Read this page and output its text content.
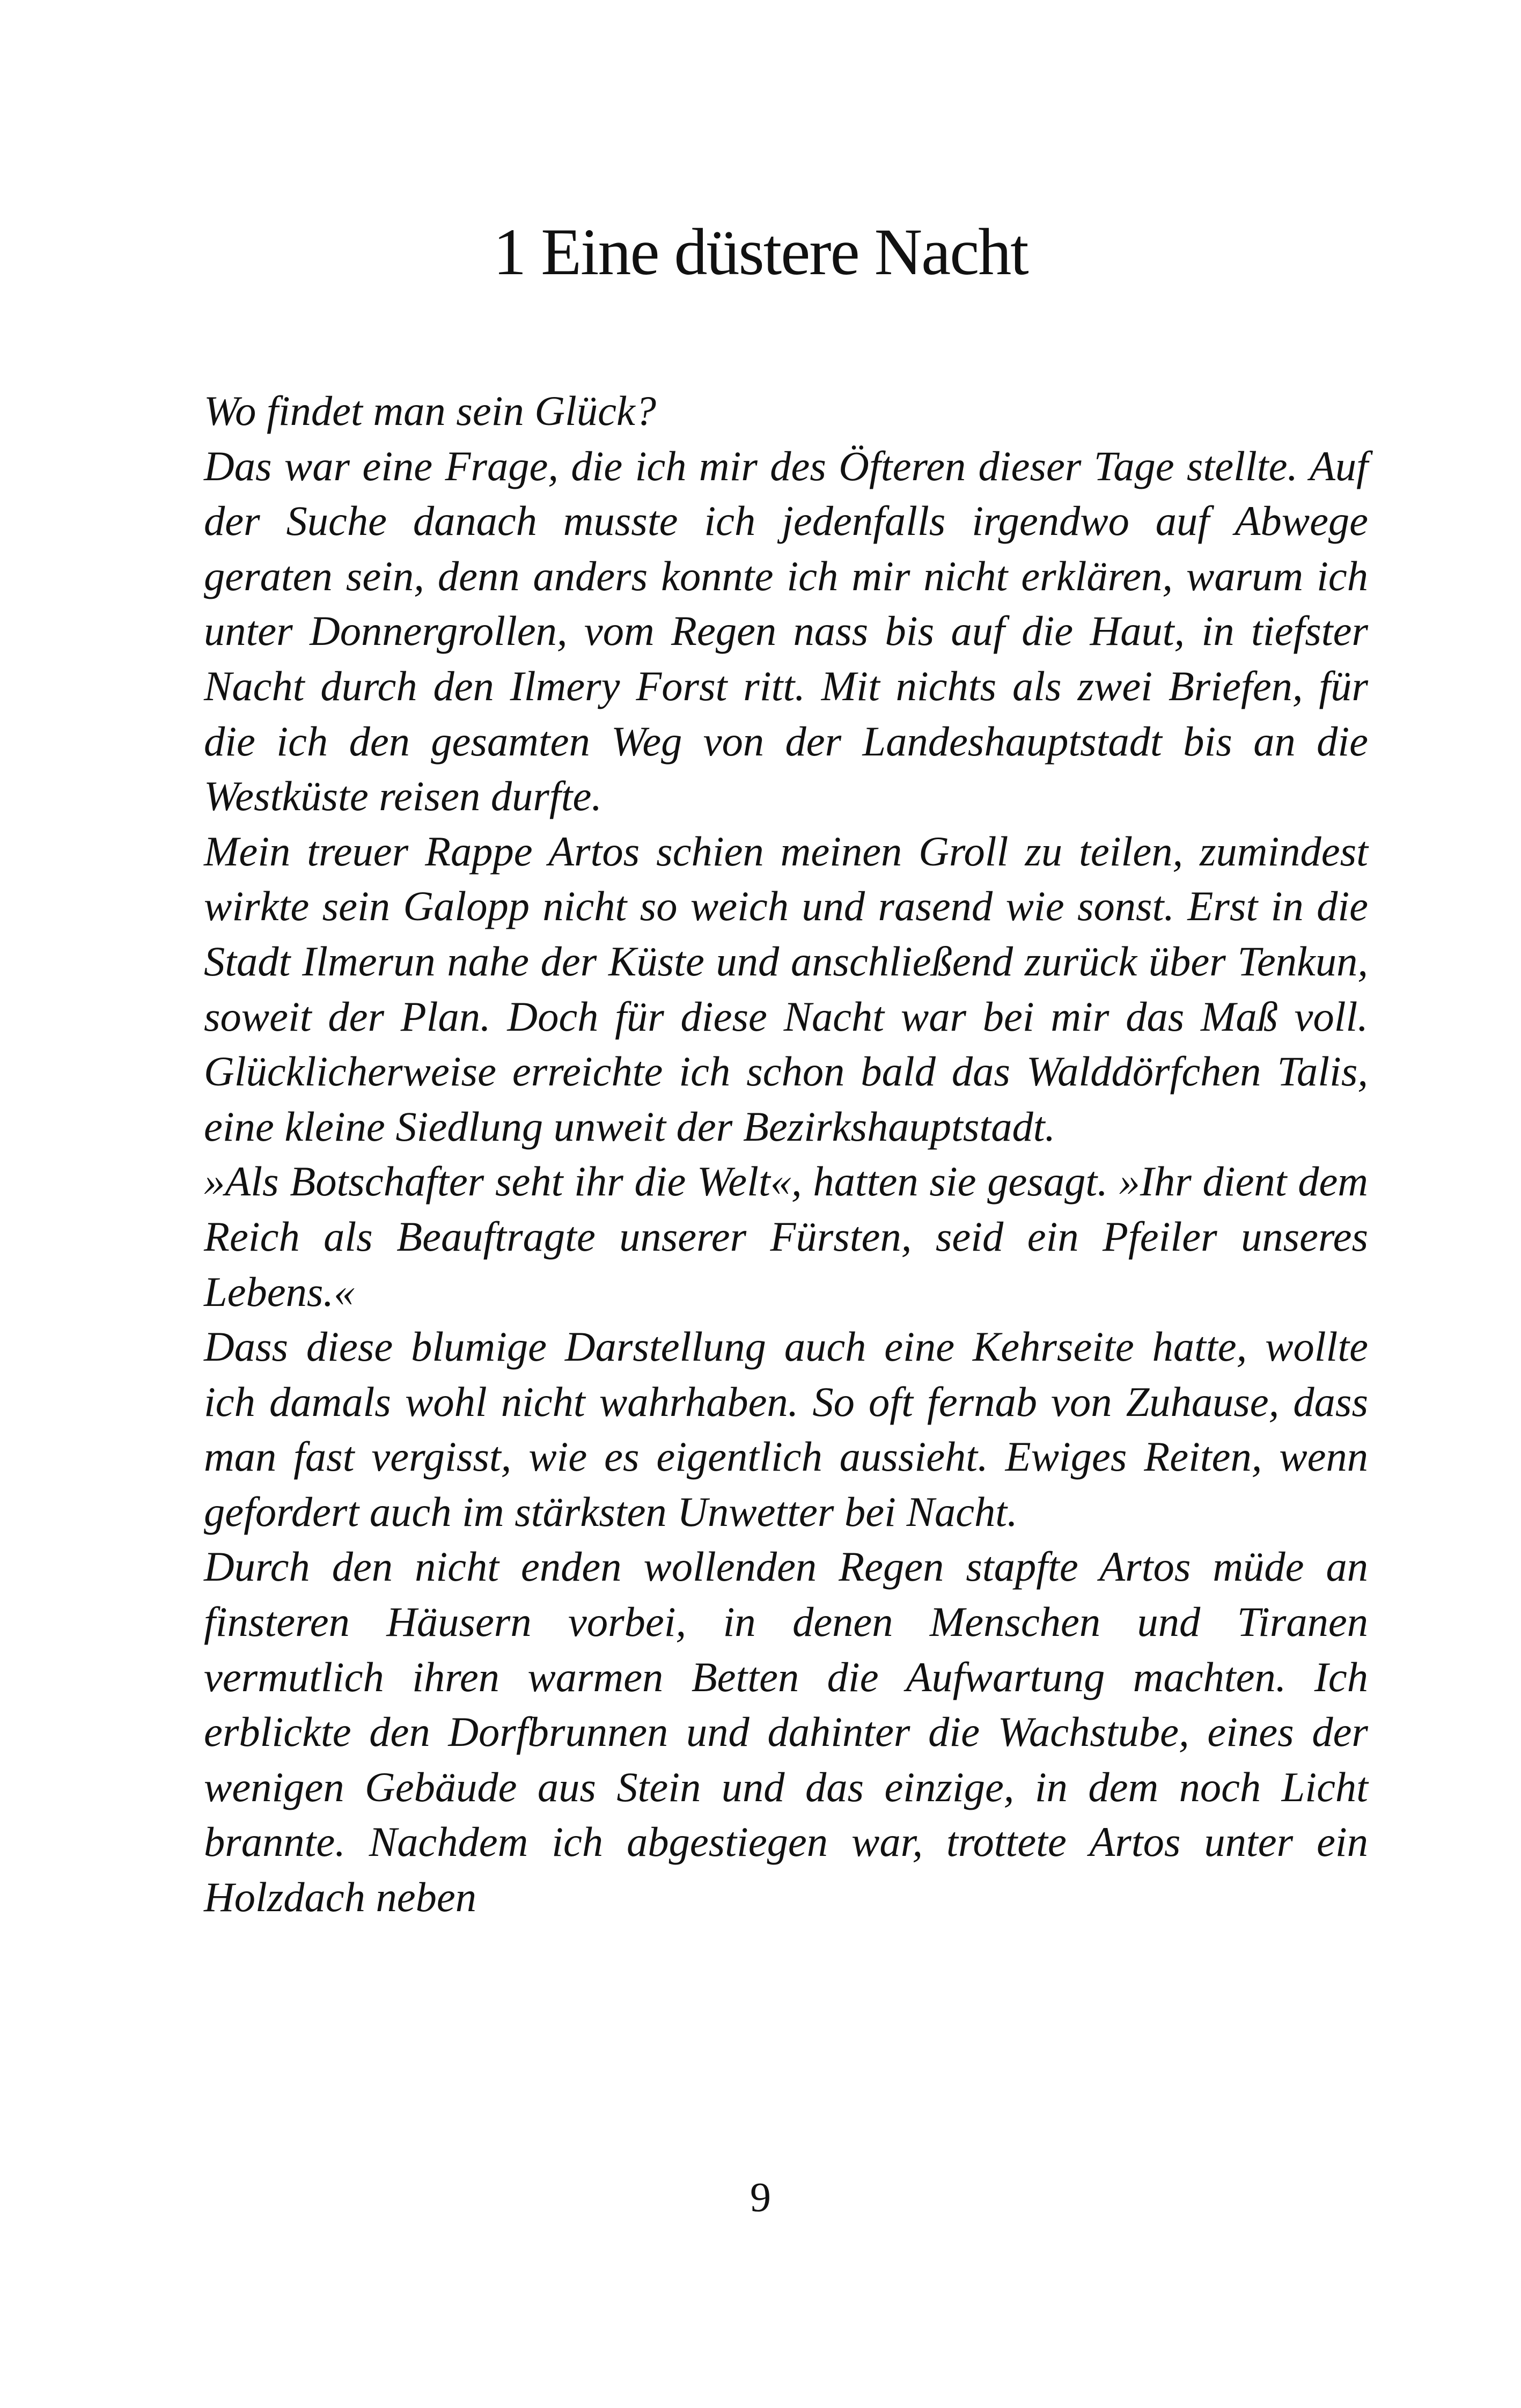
1 Eine düstere Nacht

Wo findet man sein Glück?

Das war eine Frage, die ich mir des Öfteren dieser Tage stellte. Auf der Suche danach musste ich jedenfalls irgendwo auf Abwege geraten sein, denn anders konnte ich mir nicht erklären, warum ich unter Donnergrollen, vom Regen nass bis auf die Haut, in tiefster Nacht durch den Ilmery Forst ritt. Mit nichts als zwei Briefen, für die ich den gesamten Weg von der Landeshauptstadt bis an die Westküste reisen durfte.

Mein treuer Rappe Artos schien meinen Groll zu teilen, zumindest wirkte sein Galopp nicht so weich und rasend wie sonst. Erst in die Stadt Ilmerun nahe der Küste und anschließend zurück über Tenkun, soweit der Plan. Doch für diese Nacht war bei mir das Maß voll. Glücklicherweise erreichte ich schon bald das Walddörfchen Talis, eine kleine Siedlung unweit der Bezirkshauptstadt.

»Als Botschafter seht ihr die Welt«, hatten sie gesagt. »Ihr dient dem Reich als Beauftragte unserer Fürsten, seid ein Pfeiler unseres Lebens.«

Dass diese blumige Darstellung auch eine Kehrseite hatte, wollte ich damals wohl nicht wahrhaben. So oft fernab von Zuhause, dass man fast vergisst, wie es eigentlich aussieht. Ewiges Reiten, wenn gefordert auch im stärksten Unwetter bei Nacht.

Durch den nicht enden wollenden Regen stapfte Artos müde an finsteren Häusern vorbei, in denen Menschen und Tiranen vermutlich ihren warmen Betten die Aufwartung machten. Ich erblickte den Dorfbrunnen und dahinter die Wachstube, eines der wenigen Gebäude aus Stein und das einzige, in dem noch Licht brannte. Nachdem ich abgestiegen war, trottete Artos unter ein Holzdach neben

9
